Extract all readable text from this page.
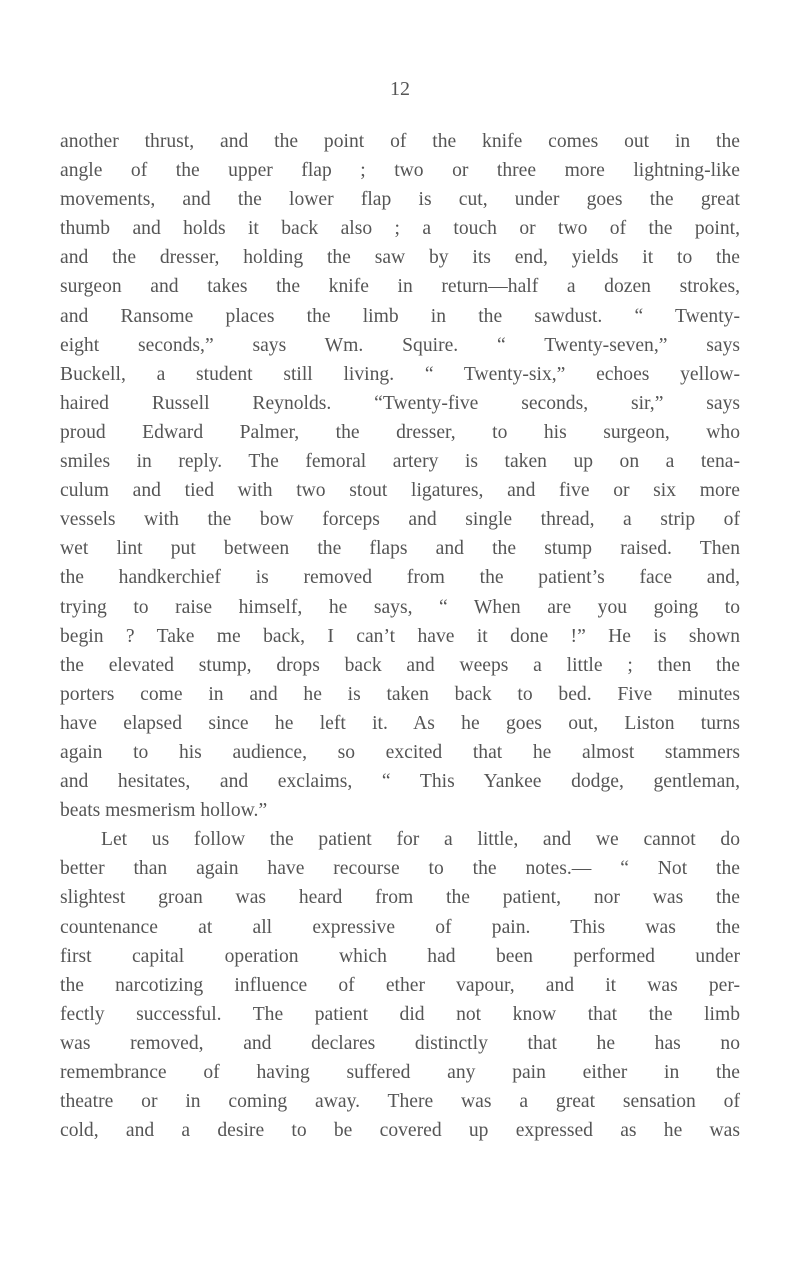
12

another thrust, and the point of the knife comes out in the
angle of the upper flap ; two or three more lightning-like
movements, and the lower flap is cut, under goes the great
thumb and holds it back also ; a touch or two of the point,
and the dresser, holding the saw by its end, yields it to the
surgeon and takes the knife in return—half a dozen strokes,
and Ransome places the limb in the sawdust. “ Twenty-
eight seconds,” says Wm. Squire. “ Twenty-seven,” says
Buckell, a student still living. “ Twenty-six,” echoes yellow-
haired Russell Reynolds. “Twenty-five seconds, sir,” says
proud Edward Palmer, the dresser, to his surgeon, who
smiles in reply. The femoral artery is taken up on a tena-
culum and tied with two stout ligatures, and five or six more
vessels with the bow forceps and single thread, a strip of
wet lint put between the flaps and the stump raised. Then
the handkerchief is removed from the patient’s face and,
trying to raise himself, he says, “ When are you going to
begin ? Take me back, I can’t have it done !” He is shown
the elevated stump, drops back and weeps a little ; then the
porters come in and he is taken back to bed. Five minutes
have elapsed since he left it. As he goes out, Liston turns
again to his audience, so excited that he almost stammers
and hesitates, and exclaims, “ This Yankee dodge, gentleman,
beats mesmerism hollow.”

Let us follow the patient for a little, and we cannot do
better than again have recourse to the notes.— “ Not the
slightest groan was heard from the patient, nor was the
countenance at all expressive of pain. This was the
first capital operation which had been performed under
the narcotizing influence of ether vapour, and it was per-
fectly successful. The patient did not know that the limb
was removed, and declares distinctly that he has no
remembrance of having suffered any pain either in the
theatre or in coming away. There was a great sensation of
cold, and a desire to be covered up expressed as he was
